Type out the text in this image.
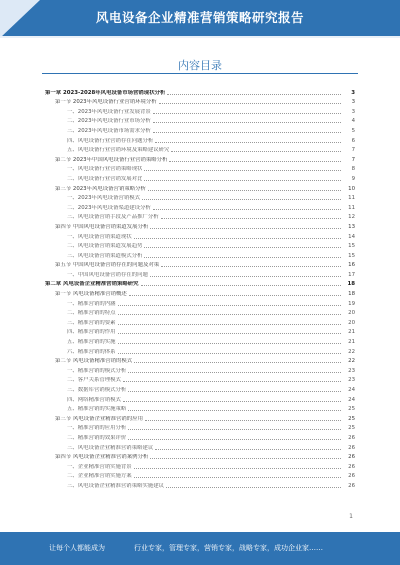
风电设备企业精准营销策略研究报告
内容目录
第一章 2023-2028年风电设备市场营销现状分析	3
第一节 2023年风电设备行业营销环境分析	3
一、2023年风电设备行业发展背景	3
二、2023年风电设备行业市场分析	4
三、2023年风电设备市场需求分析	5
四、风电设备行业营销存在问题分析	6
五、风电设备行业营销环境及策略建议研究	7
第二节 2023年中国风电设备行业营销策略分析	7
一、风电设备行业营销策略现状	8
二、风电设备行业营销发展对比	9
第三节 2023年风电设备营销策略分析	10
一、2023年风电设备营销模式	11
二、2023年风电设备渠道建设分析	11
三、风电设备营销手段及产品推广分析	12
第四节 中国风电设备营销渠道发展分析	13
一、风电设备营销渠道现状	14
二、风电设备营销渠道发展趋势	15
三、风电设备营销渠道模式分析	15
第五节 中国风电设备营销存在的问题及对策	16
一、中国风电设备营销存在的问题	17
第二章 风电设备企业精准营销策略研究	18
第一节 风电设备精准营销概述	18
一、精准营销的内涵	19
二、精准营销的特点	20
三、精准营销的要素	20
四、精准营销的作用	21
五、精准营销的实施	21
六、精准营销的体系	22
第二节 风电设备精准营销的模式	22
一、精准营销的模式分析	23
二、客户关系管理模式	23
三、数据库营销模式分析	24
四、网络精准营销模式	24
五、精准营销的实施策略	25
第三节 风电设备企业精准营销的应用	25
一、精准营销的应用分析	25
二、精准营销的效果评价	26
三、风电设备企业精准营销策略建议	26
第四节 风电设备企业精准营销案例分析	26
一、企业精准营销实施背景	26
二、企业精准营销实施方案	26
三、风电设备企业精准营销策略实施建议	26
1
让每个人都能成为	行业专家，管理专家，营销专家，战略专家，成功企业家……
